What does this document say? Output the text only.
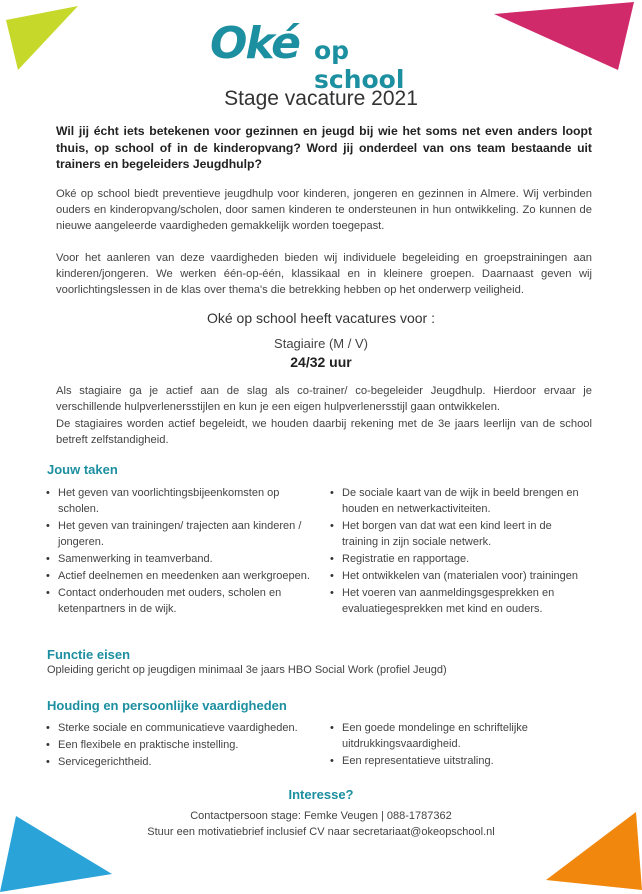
Oké op school
Stage vacature 2021

Wil jij écht iets betekenen voor gezinnen en jeugd bij wie het soms net even anders loopt thuis, op school of in de kinderopvang? Word jij onderdeel van ons team bestaande uit trainers en begeleiders Jeugdhulp?

Oké op school biedt preventieve jeugdhulp voor kinderen, jongeren en gezinnen in Almere. Wij verbinden ouders en kinderopvang/scholen, door samen kinderen te ondersteunen in hun ontwikkeling. Zo kunnen de nieuwe aangeleerde vaardigheden gemakkelijk worden toegepast.

Voor het aanleren van deze vaardigheden bieden wij individuele begeleiding en groepstrainingen aan kinderen/jongeren. We werken één-op-één, klassikaal en in kleinere groepen. Daarnaast geven wij voorlichtingslessen in de klas over thema's die betrekking hebben op het onderwerp veiligheid.

Oké op school heeft vacatures voor :
Stagiaire (M / V)
24/32 uur

Als stagiaire ga je actief aan de slag als co-trainer/ co-begeleider Jeugdhulp. Hierdoor ervaar je verschillende hulpverlenersstijlen en kun je een eigen hulpverlenersstijl gaan ontwikkelen.

De stagiaires worden actief begeleidt, we houden daarbij rekening met de 3e jaars leerlijn van de school betreft zelfstandigheid.

Jouw taken
• Het geven van voorlichtingsbijeenkomsten op scholen.
• Het geven van trainingen/ trajecten aan kinderen / jongeren.
• Samenwerking in teamverband.
• Actief deelnemen en meedenken aan werkgroepen.
• Contact onderhouden met ouders, scholen en ketenpartners in de wijk.
• De sociale kaart van de wijk in beeld brengen en houden en netwerkactiviteiten.
• Het borgen van dat wat een kind leert in de training in zijn sociale netwerk.
• Registratie en rapportage.
• Het ontwikkelen van (materialen voor) trainingen
• Het voeren van aanmeldingsgesprekken en evaluatiegesprekken met kind en ouders.
Functie eisen

Opleiding gericht op jeugdigen minimaal 3e jaars HBO Social Work (profiel Jeugd)

Houding en persoonlijke vaardigheden
• Sterke sociale en communicatieve vaardigheden.
• Een flexibele en praktische instelling.
• Servicegerichtheid.
• Een goede mondelinge en schriftelijke uitdrukkingsvaardigheid.
• Een representatieve uitstraling.
Interesse?

Contactpersoon stage: Femke Veugen | 088-1787362

Stuur een motivatiebrief inclusief CV naar secretariaat@okeopschool.nl
